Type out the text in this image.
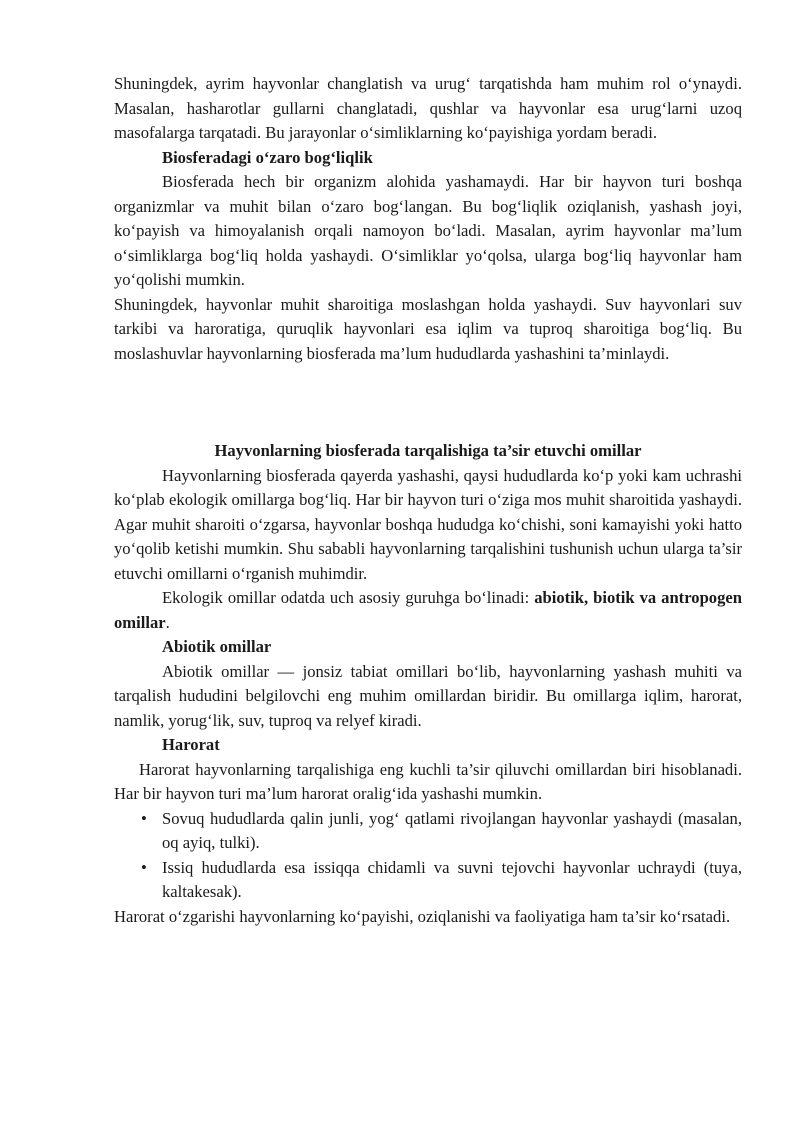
Shuningdek, ayrim hayvonlar changlatish va urug‘ tarqatishda ham muhim rol o‘ynaydi. Masalan, hasharotlar gullarni changlatadi, qushlar va hayvonlar esa urug‘larni uzoq masofalarga tarqatadi. Bu jarayonlar o‘simliklarning ko‘payishiga yordam beradi.

Biosferadagi o‘zaro bog‘liqlik

Biosferada hech bir organizm alohida yashamaydi. Har bir hayvon turi boshqa organizmlar va muhit bilan o‘zaro bog‘langan. Bu bog‘liqlik oziqlanish, yashash joyi, ko‘payish va himoyalanish orqali namoyon bo‘ladi. Masalan, ayrim hayvonlar ma’lum o‘simliklarga bog‘liq holda yashaydi. O‘simliklar yo‘qolsa, ularga bog‘liq hayvonlar ham yo‘qolishi mumkin.

Shuningdek, hayvonlar muhit sharoitiga moslashgan holda yashaydi. Suv hayvonlari suv tarkibi va haroratiga, quruqlik hayvonlari esa iqlim va tuproq sharoitiga bog‘liq. Bu moslashuvlar hayvonlarning biosferada ma’lum hududlarda yashashini ta’minlaydi.

Hayvonlarning biosferada tarqalishiga ta’sir etuvchi omillar

Hayvonlarning biosferada qayerda yashashi, qaysi hududlarda ko‘p yoki kam uchrashi ko‘plab ekologik omillarga bog‘liq. Har bir hayvon turi o‘ziga mos muhit sharoitida yashaydi. Agar muhit sharoiti o‘zgarsa, hayvonlar boshqa hududga ko‘chishi, soni kamayishi yoki hatto yo‘qolib ketishi mumkin. Shu sababli hayvonlarning tarqalishini tushunish uchun ularga ta’sir etuvchi omillarni o‘rganish muhimdir.

Ekologik omillar odatda uch asosiy guruhga bo‘linadi: abiotik, biotik va antropogen omillar.

Abiotik omillar

Abiotik omillar — jonsiz tabiat omillari bo‘lib, hayvonlarning yashash muhiti va tarqalish hududini belgilovchi eng muhim omillardan biridir. Bu omillarga iqlim, harorat, namlik, yorug‘lik, suv, tuproq va relyef kiradi.

Harorat

Harorat hayvonlarning tarqalishiga eng kuchli ta’sir qiluvchi omillardan biri hisoblanadi. Har bir hayvon turi ma’lum harorat oralig‘ida yashashi mumkin.

• Sovuq hududlarda qalin junli, yog‘ qatlami rivojlangan hayvonlar yashaydi (masalan, oq ayiq, tulki).
• Issiq hududlarda esa issiqqa chidamli va suvni tejovchi hayvonlar uchraydi (tuya, kaltakesak).

Harorat o‘zgarishi hayvonlarning ko‘payishi, oziqlanishi va faoliyatiga ham ta’sir ko‘rsatadi.
